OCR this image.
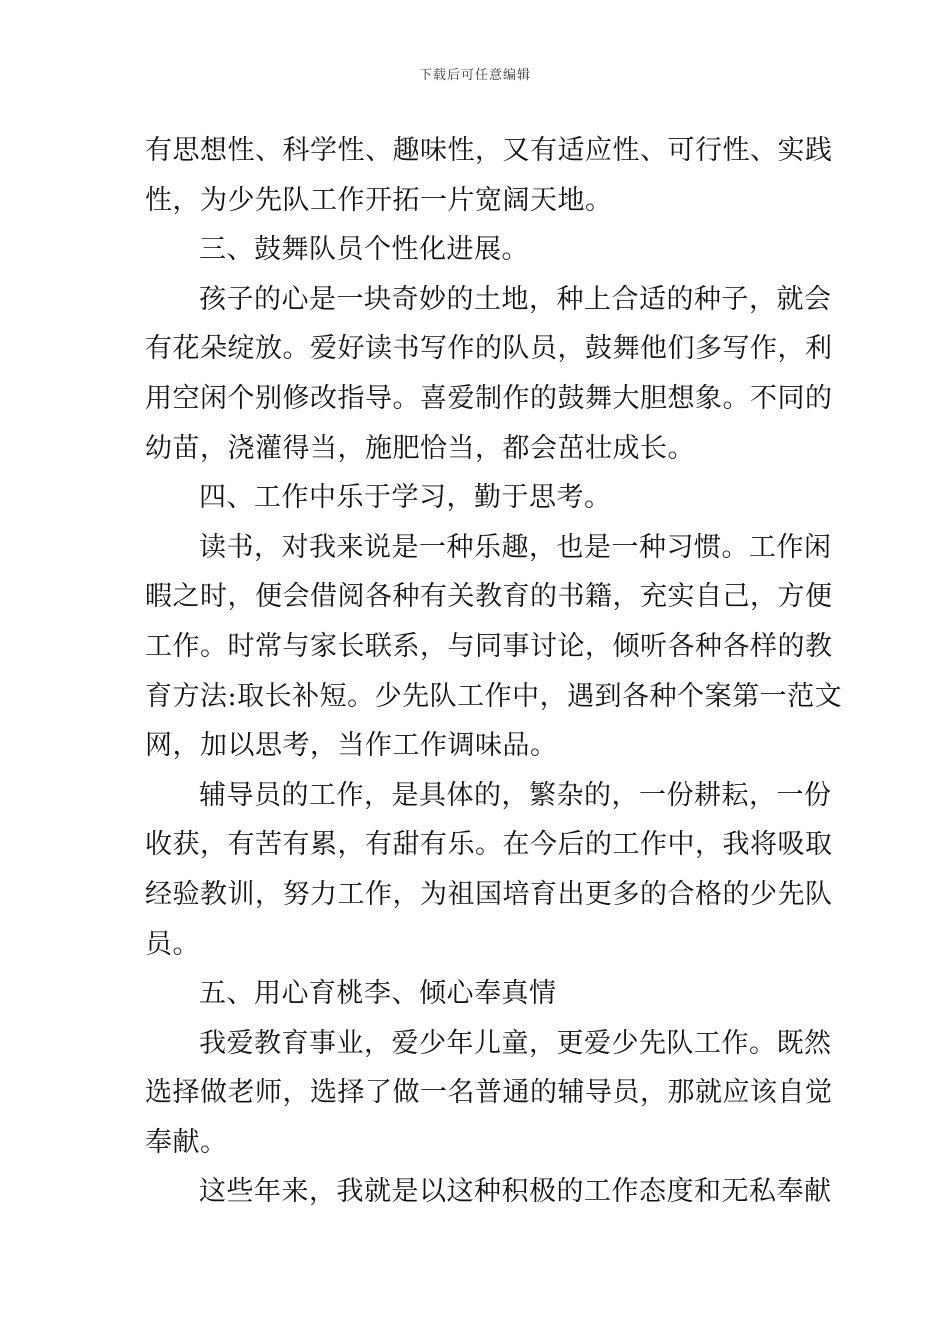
下载后可任意编辑

有思想性、科学性、趣味性，又有适应性、可行性、实践
性，为少先队工作开拓一片宽阔天地。

三、鼓舞队员个性化进展。

孩子的心是一块奇妙的土地，种上合适的种子，就会
有花朵绽放。爱好读书写作的队员，鼓舞他们多写作，利
用空闲个别修改指导。喜爱制作的鼓舞大胆想象。不同的
幼苗，浇灌得当，施肥恰当，都会茁壮成长。

四、工作中乐于学习，勤于思考。

读书，对我来说是一种乐趣，也是一种习惯。工作闲
暇之时，便会借阅各种有关教育的书籍，充实自己，方便
工作。时常与家长联系，与同事讨论，倾听各种各样的教
育方法:取长补短。少先队工作中，遇到各种个案第一范文
网，加以思考，当作工作调味品。

辅导员的工作，是具体的，繁杂的，一份耕耘，一份
收获，有苦有累，有甜有乐。在今后的工作中，我将吸取
经验教训，努力工作，为祖国培育出更多的合格的少先队
员。

五、用心育桃李、倾心奉真情

我爱教育事业，爱少年儿童，更爱少先队工作。既然
选择做老师，选择了做一名普通的辅导员，那就应该自觉
奉献。

这些年来，我就是以这种积极的工作态度和无私奉献
